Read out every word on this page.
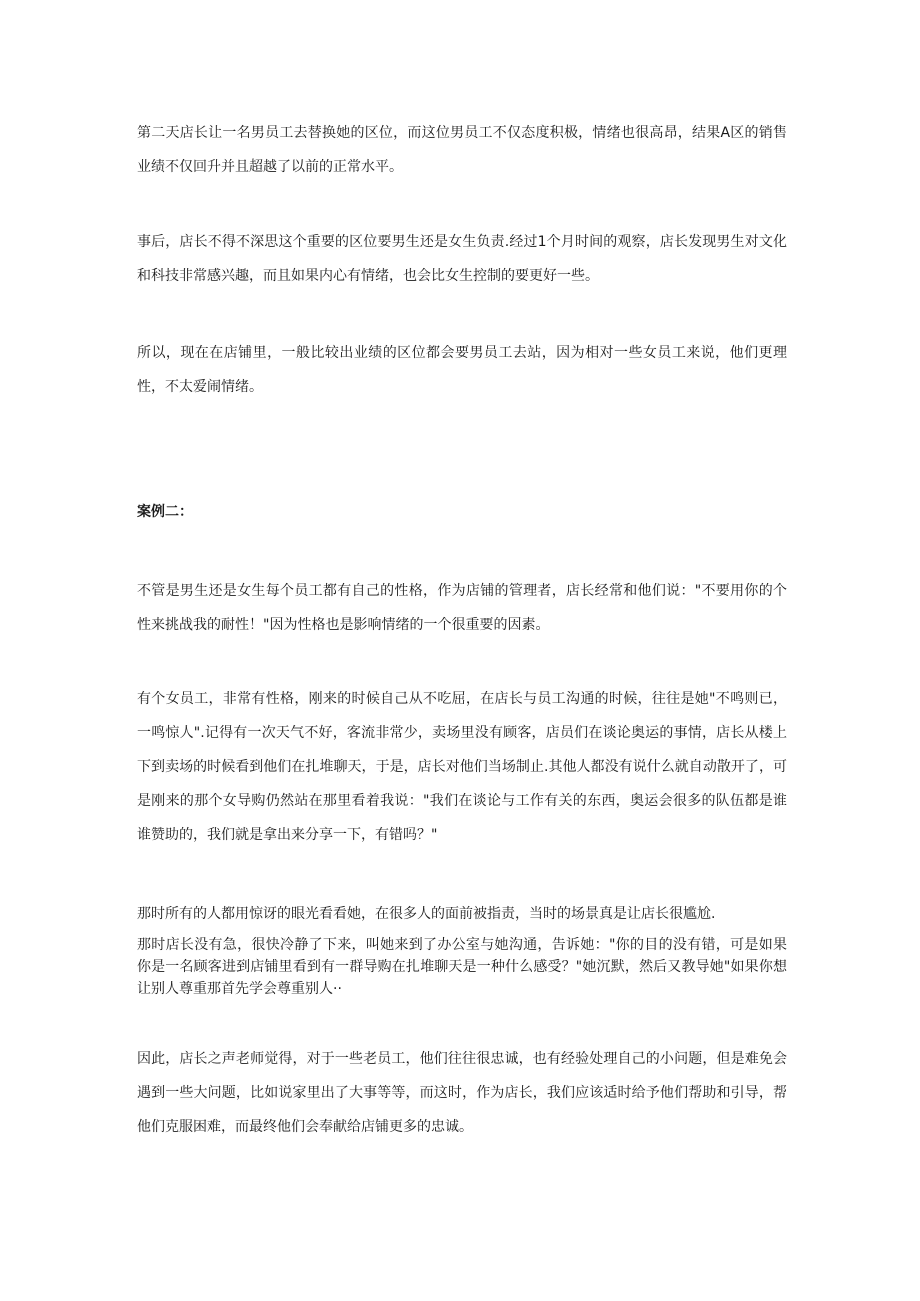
第二天店长让一名男员工去替换她的区位，而这位男员工不仅态度积极，情绪也很高昂，结果A区的销售业绩不仅回升并且超越了以前的正常水平。

事后，店长不得不深思这个重要的区位要男生还是女生负责.经过1个月时间的观察，店长发现男生对文化和科技非常感兴趣，而且如果内心有情绪，也会比女生控制的要更好一些。

所以，现在在店铺里，一般比较出业绩的区位都会要男员工去站，因为相对一些女员工来说，他们更理性，不太爱闹情绪。

案例二：

不管是男生还是女生每个员工都有自己的性格，作为店铺的管理者，店长经常和他们说："不要用你的个性来挑战我的耐性！"因为性格也是影响情绪的一个很重要的因素。

有个女员工，非常有性格，刚来的时候自己从不吃屈，在店长与员工沟通的时候，往往是她"不鸣则已，一鸣惊人".记得有一次天气不好，客流非常少，卖场里没有顾客，店员们在谈论奥运的事情，店长从楼上下到卖场的时候看到他们在扎堆聊天，于是，店长对他们当场制止.其他人都没有说什么就自动散开了，可是刚来的那个女导购仍然站在那里看着我说："我们在谈论与工作有关的东西，奥运会很多的队伍都是谁谁赞助的，我们就是拿出来分享一下，有错吗？"

那时所有的人都用惊讶的眼光看看她，在很多人的面前被指责，当时的场景真是让店长很尴尬.

那时店长没有急，很快冷静了下来，叫她来到了办公室与她沟通，告诉她："你的目的没有错，可是如果你是一名顾客进到店铺里看到有一群导购在扎堆聊天是一种什么感受？"她沉默，然后又教导她"如果你想让别人尊重那首先学会尊重别人··

因此，店长之声老师觉得，对于一些老员工，他们往往很忠诚，也有经验处理自己的小问题，但是难免会遇到一些大问题，比如说家里出了大事等等，而这时，作为店长，我们应该适时给予他们帮助和引导，帮他们克服困难，而最终他们会奉献给店铺更多的忠诚。
